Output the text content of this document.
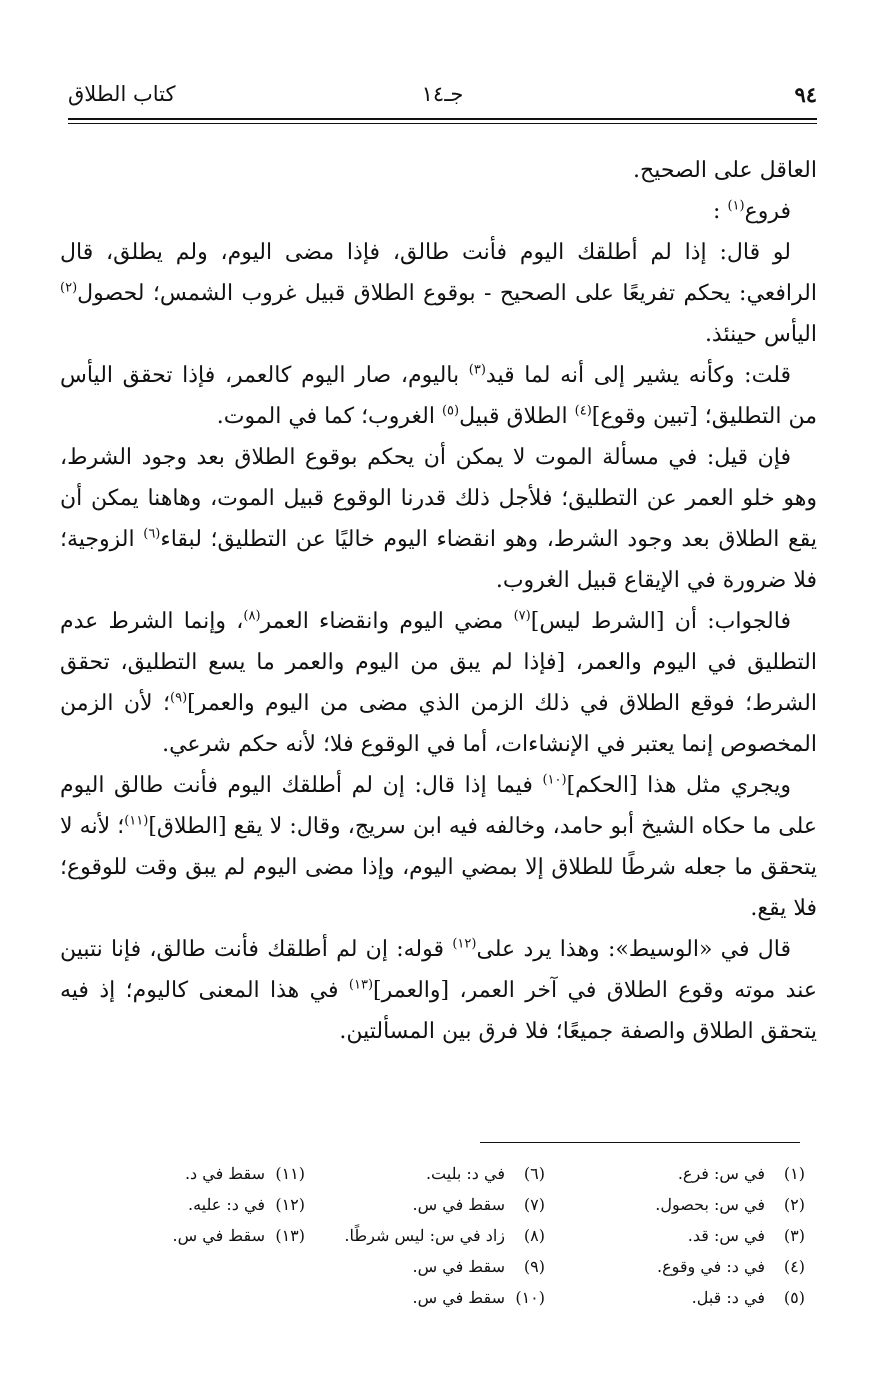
٩٤
جـ١٤
كتاب الطلاق

العاقل على الصحيح.

فروع$^{(١)}$ :

لو قال: إذا لم أطلقك اليوم فأنت طالق، فإذا مضى اليوم، ولم يطلق، قال الرافعي: يحكم تفريعًا على الصحيح - بوقوع الطلاق قبيل غروب الشمس؛ لحصول$^{(٢)}$ اليأس حينئذ.

قلت: وكأنه يشير إلى أنه لما قيد$^{(٣)}$ باليوم، صار اليوم كالعمر، فإذا تحقق اليأس من التطليق؛ [تبين وقوع]$^{(٤)}$ الطلاق قبيل$^{(٥)}$ الغروب؛ كما في الموت.

فإن قيل: في مسألة الموت لا يمكن أن يحكم بوقوع الطلاق بعد وجود الشرط، وهو خلو العمر عن التطليق؛ فلأجل ذلك قدرنا الوقوع قبيل الموت، وهاهنا يمكن أن يقع الطلاق بعد وجود الشرط، وهو انقضاء اليوم خاليًا عن التطليق؛ لبقاء$^{(٦)}$ الزوجية؛ فلا ضرورة في الإيقاع قبيل الغروب.

فالجواب: أن [الشرط ليس]$^{(٧)}$ مضي اليوم وانقضاء العمر$^{(٨)}$، وإنما الشرط عدم التطليق في اليوم والعمر، [فإذا لم يبق من اليوم والعمر ما يسع التطليق، تحقق الشرط؛ فوقع الطلاق في ذلك الزمن الذي مضى من اليوم والعمر]$^{(٩)}$؛ لأن الزمن المخصوص إنما يعتبر في الإنشاءات، أما في الوقوع فلا؛ لأنه حكم شرعي.

ويجري مثل هذا [الحكم]$^{(١٠)}$ فيما إذا قال: إن لم أطلقك اليوم فأنت طالق اليوم على ما حكاه الشيخ أبو حامد، وخالفه فيه ابن سريج، وقال: لا يقع [الطلاق]$^{(١١)}$؛ لأنه لا يتحقق ما جعله شرطًا للطلاق إلا بمضي اليوم، وإذا مضى اليوم لم يبق وقت للوقوع؛ فلا يقع.

قال في «الوسيط»: وهذا يرد على$^{(١٢)}$ قوله: إن لم أطلقك فأنت طالق، فإنا نتبين عند موته وقوع الطلاق في آخر العمر، [والعمر]$^{(١٣)}$ في هذا المعنى كاليوم؛ إذ فيه يتحقق الطلاق والصفة جميعًا؛ فلا فرق بين المسألتين.

(١)في س: فرع.
(٢)في س: بحصول.
(٣)في س: قد.
(٤)في د: في وقوع.
(٥)في د: قبل.
(٦)في د: بليت.
(٧)سقط في س.
(٨)زاد في س: ليس شرطًا.
(٩)سقط في س.
(١٠)سقط في س.
(١١)سقط في د.
(١٢)في د: عليه.
(١٣)سقط في س.
